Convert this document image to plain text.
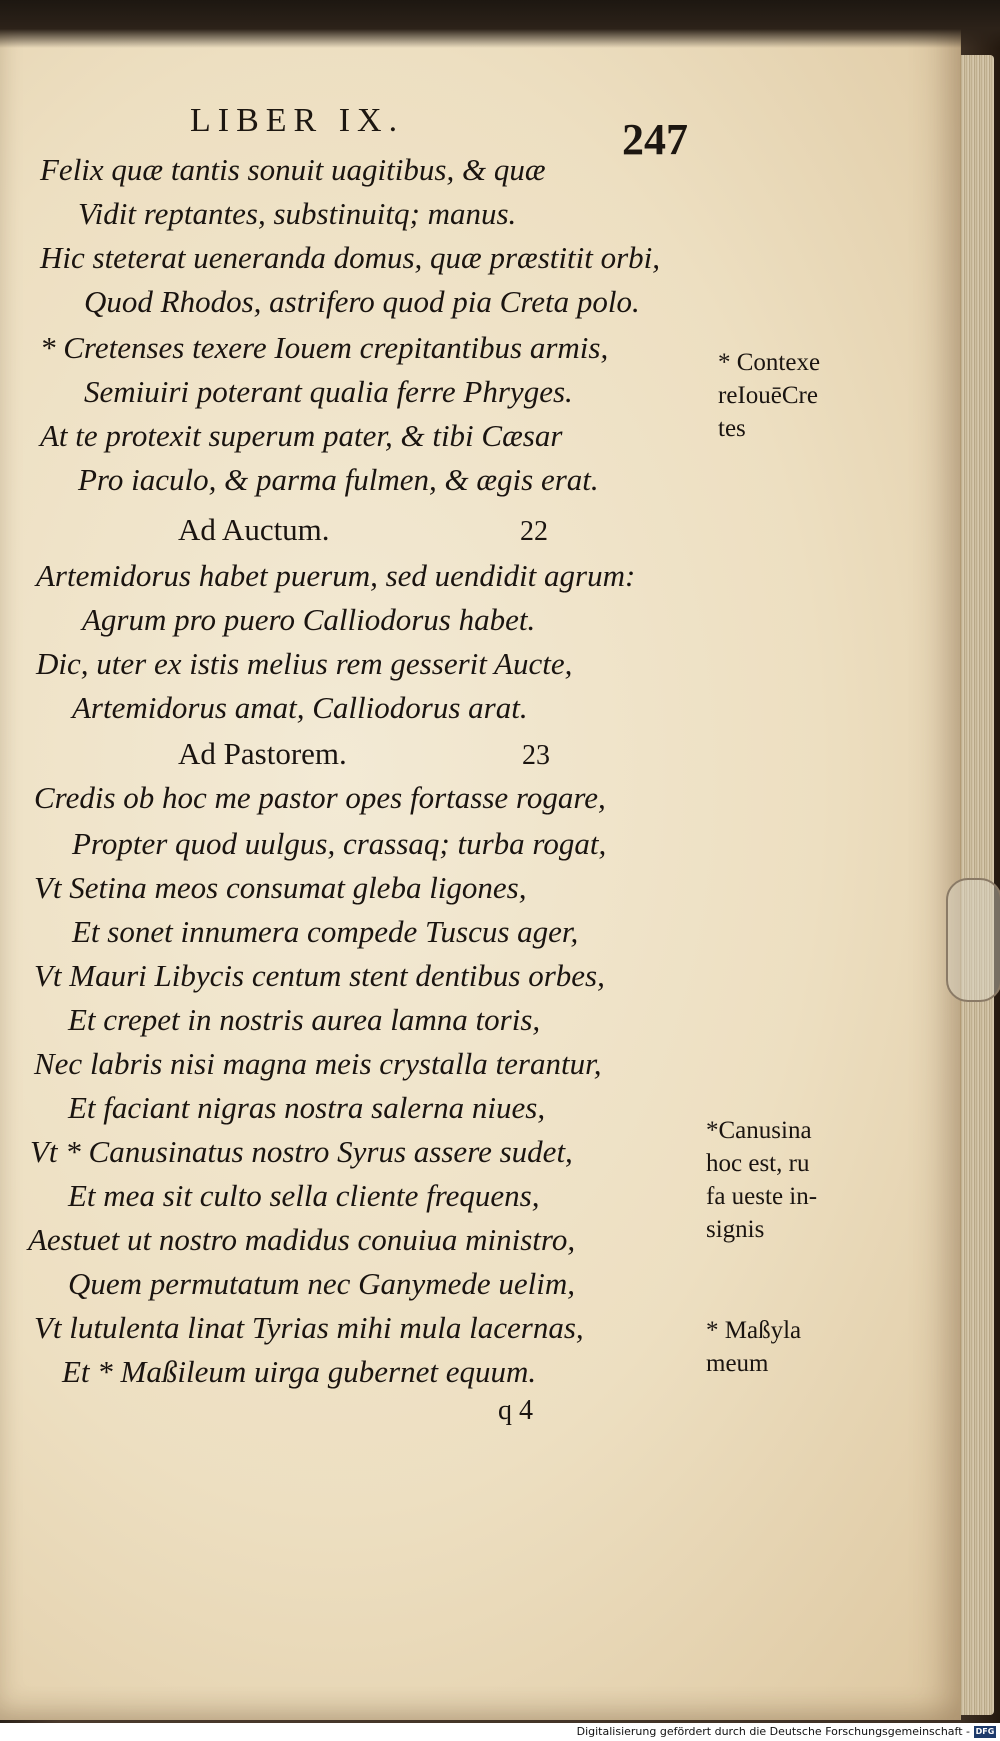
LIBER IX.	247
Felix quæ tantis sonuit uagitibus, & quæ
Vidit reptantes, substinuitq; manus.
Hic steterat ueneranda domus, quæ præstitit orbi,
Quod Rhodos, astrifero quod pia Creta polo.
* Cretenses texere Iouem crepitantibus armis,
Semiuiri poterant qualia ferre Phryges.
At te protexit superum pater, & tibi Cæsar
Pro iaculo, & parma fulmen, & ægis erat.
Ad Auctum.	22
Artemidorus habet puerum, sed uendidit agrum:
Agrum pro puero Calliodorus habet.
Dic, uter ex istis melius rem gesserit Aucte,
Artemidorus amat, Calliodorus arat.
Ad Pastorem.	23
Credis ob hoc me pastor opes fortasse rogare,
Propter quod uulgus, crassaq; turba rogat,
Vt Setina meos consumat gleba ligones,
Et sonet innumera compede Tuscus ager,
Vt Mauri Libycis centum stent dentibus orbes,
Et crepet in nostris aurea lamna toris,
Nec labris nisi magna meis crystalla terantur,
Et faciant nigras nostra salerna niues,
Vt * Canusinatus nostro Syrus assere sudet,
Et mea sit culto sella cliente frequens,
Aestuet ut nostro madidus conuiua ministro,
Quem permutatum nec Ganymede uelim,
Vt lutulenta linat Tyrias mihi mula lacernas,
Et * Maßileum uirga gubernet equum.
* Contexe
reIouēCre
tes
*Canusina
hoc est, ru
fa ueste in-
signis
* Maßyla
meum
q 4
Digitalisierung gefördert durch die Deutsche Forschungsgemeinschaft - DFG
